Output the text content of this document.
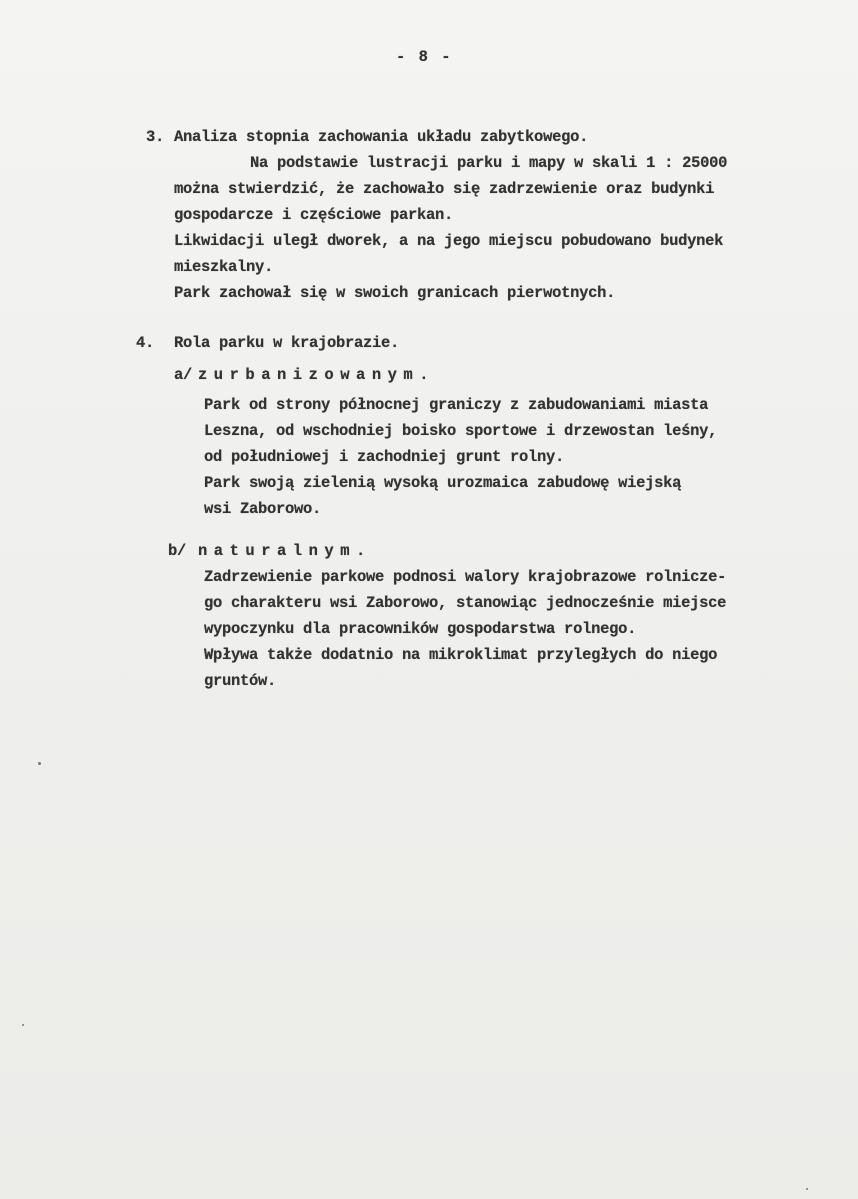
- 8 -
3. Analiza stopnia zachowania układu zabytkowego.
Na podstawie lustracji parku i mapy w skali 1 : 25000
można stwierdzić, że zachowało się zadrzewienie oraz budynki
gospodarcze i częściowe parkan.
Likwidacji uległ dworek, a na jego miejscu pobudowano budynek
mieszkalny.
Park zachował się w swoich granicach pierwotnych.
4. Rola parku w krajobrazie.
a/ zurbanizowanym.
Park od strony północnej graniczy z zabudowaniami miasta
Leszna, od wschodniej boisko sportowe i drzewostan leśny,
od południowej i zachodniej grunt rolny.
Park swoją zielenią wysoką urozmaica zabudowę wiejską
wsi Zaborowo.
b/ naturalnym.
Zadrzewienie parkowe podnosi walory krajobrazowe rolnicze-
go charakteru wsi Zaborowo, stanowiąc jednocześnie miejsce
wypoczynku dla pracowników gospodarstwa rolnego.
Wpływa także dodatnio na mikroklimat przyległych do niego
gruntów.
